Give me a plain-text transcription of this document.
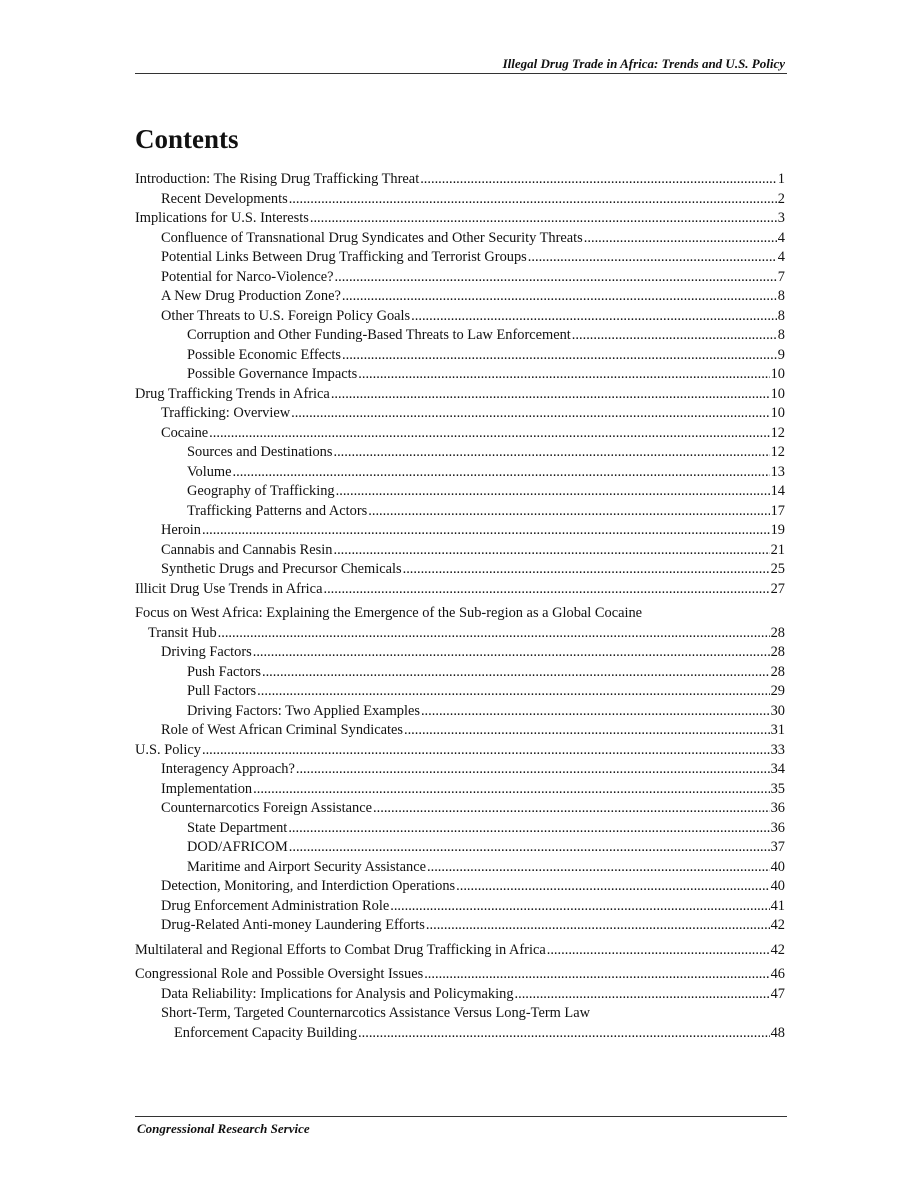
Illegal Drug Trade in Africa: Trends and U.S. Policy
Contents
Introduction: The Rising Drug Trafficking Threat .....	1
Recent Developments .....	2
Implications for U.S. Interests .....	3
Confluence of Transnational Drug Syndicates and Other Security Threats .....	4
Potential Links Between Drug Trafficking and Terrorist Groups .....	4
Potential for Narco-Violence? .....	7
A New Drug Production Zone? .....	8
Other Threats to U.S. Foreign Policy Goals .....	8
Corruption and Other Funding-Based Threats to Law Enforcement .....	8
Possible Economic Effects .....	9
Possible Governance Impacts .....	10
Drug Trafficking Trends in Africa .....	10
Trafficking: Overview .....	10
Cocaine .....	12
Sources and Destinations .....	12
Volume .....	13
Geography of Trafficking .....	14
Trafficking Patterns and Actors .....	17
Heroin .....	19
Cannabis and Cannabis Resin .....	21
Synthetic Drugs and Precursor Chemicals .....	25
Illicit Drug Use Trends in Africa .....	27
Focus on West Africa: Explaining the Emergence of the Sub-region as a Global Cocaine
Transit Hub .....	28
Driving Factors .....	28
Push Factors .....	28
Pull Factors .....	29
Driving Factors: Two Applied Examples .....	30
Role of West African Criminal Syndicates .....	31
U.S. Policy .....	33
Interagency Approach? .....	34
Implementation .....	35
Counternarcotics Foreign Assistance .....	36
State Department .....	36
DOD/AFRICOM .....	37
Maritime and Airport Security Assistance .....	40
Detection, Monitoring, and Interdiction Operations .....	40
Drug Enforcement Administration Role .....	41
Drug-Related Anti-money Laundering Efforts .....	42
Multilateral and Regional Efforts to Combat Drug Trafficking in Africa .....	42
Congressional Role and Possible Oversight Issues .....	46
Data Reliability: Implications for Analysis and Policymaking .....	47
Short-Term, Targeted Counternarcotics Assistance Versus Long-Term Law
Enforcement Capacity Building .....	48
Congressional Research Service
